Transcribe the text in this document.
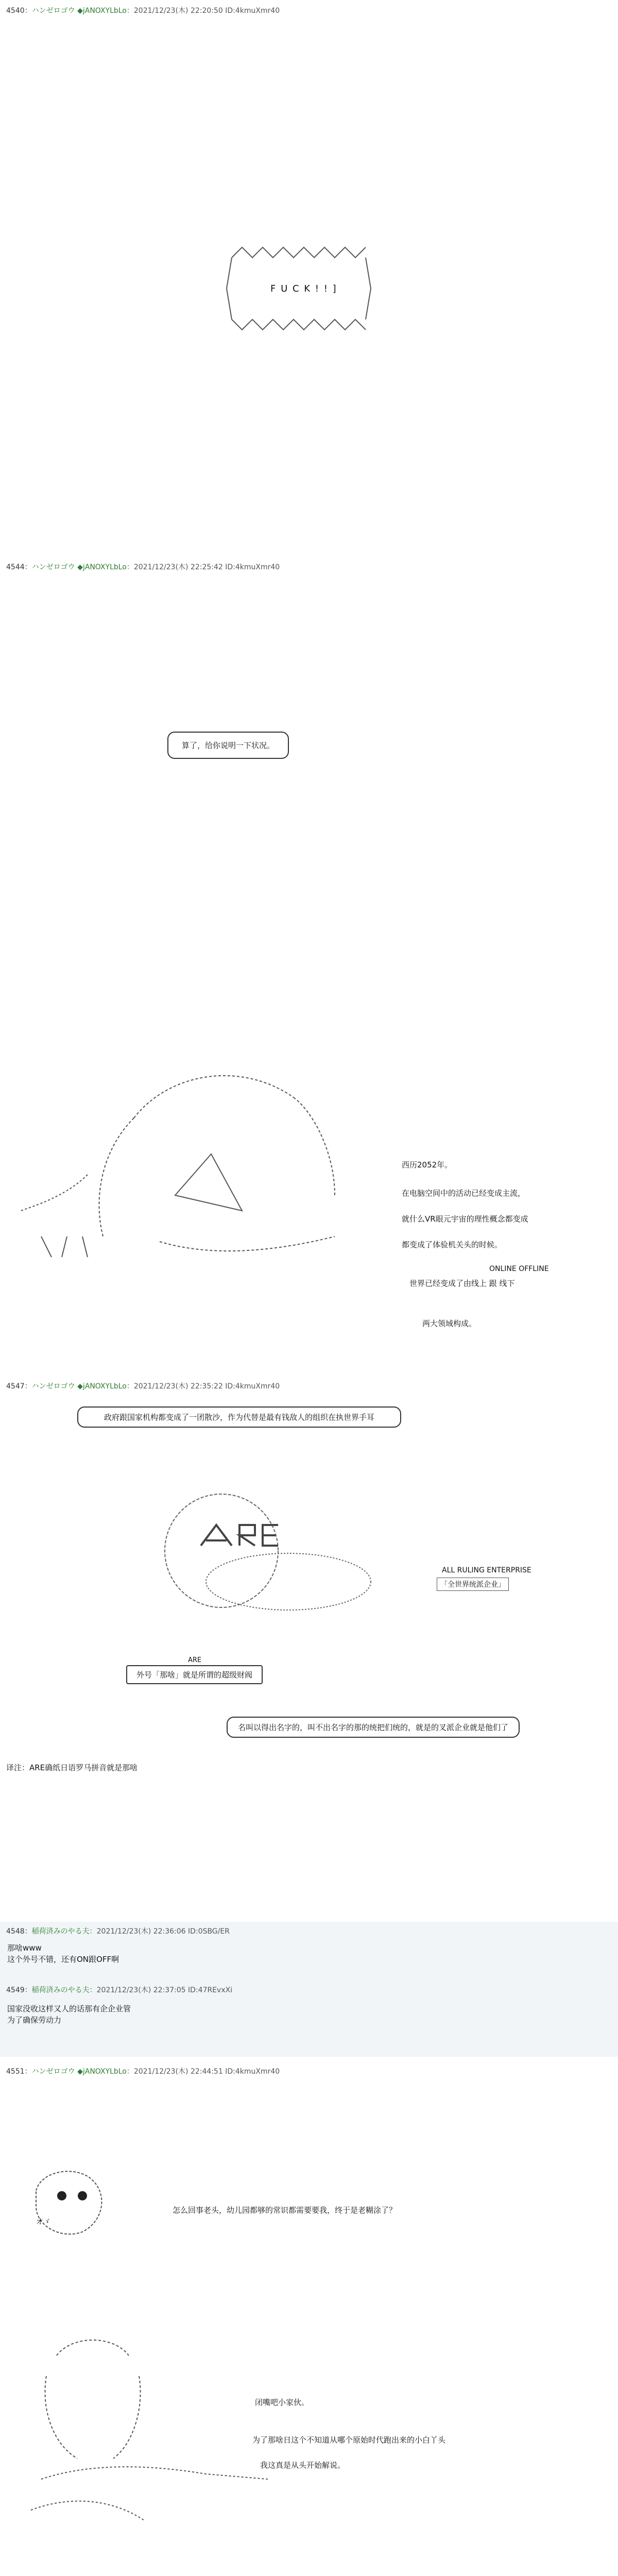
4540：ハンゼロゴウ ◆jANOXYLbLo：2021/12/23(木) 22:20:50 ID:4kmuXmr40
F U C K ! ! ]
4544：ハンゼロゴウ ◆jANOXYLbLo：2021/12/23(木) 22:25:42 ID:4kmuXmr40
算了，给你说明一下状况。
西历2052年。
在电脑空间中的活动已经变成主流，
就什么VR眼元宇宙的理性概念都变成
都变成了体验机关头的时候。
ONLINE OFFLINE
世界已经变成了由线上 跟 线下
两大领域构成。
4547：ハンゼロゴウ ◆jANOXYLbLo：2021/12/23(木) 22:35:22 ID:4kmuXmr40
政府跟国家机构都变成了一团散沙，作为代替是最有钱敌人的组织在执世界手耳
ALL RULING ENTERPRISE
「全世界统派企业」
ARE
外号「那啥」就是所谓的超级财阀
名叫以得出名字的，叫不出名字的那的统把们统的，就是的叉派企业就是他们了
译注：ARE确纸日语罗马拼音就是那啥
4548：稲荷済みのやる夫：2021/12/23(木) 22:36:06 ID:0SBG/ER
那啥www
这个外号不错，还有ON跟OFF啊
4549：稲荷済みのやる夫：2021/12/23(木) 22:37:05 ID:47REvxXi
国家没收这样又人的话那有企企业管
为了确保劳动力
4551：ハンゼロゴウ ◆jANOXYLbLo：2021/12/23(木) 22:44:51 ID:4kmuXmr40
オゞ
怎么回事老头，幼儿园都够的常识都需要要我，终于是老糊涂了？
闭嘴吧小家伙。
为了那啥日这个不知道从哪个原始时代跑出来的小白丫头
我这真是从头开始解说。
